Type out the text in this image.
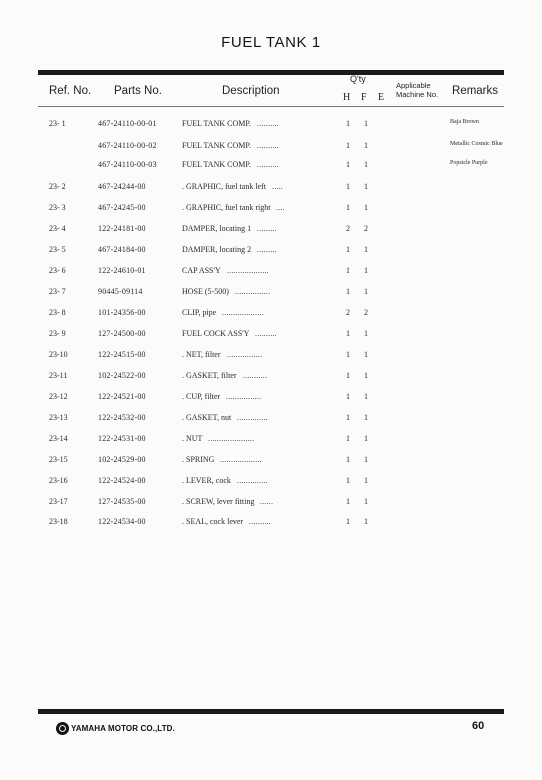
FUEL TANK 1
Ref. No. Parts No.	Description
Q'ty
H F E
Applicable
Machine No. Remarks
23- 1	467-24110-00-01	FUEL TANK COMP. ..........	1 1	Baja Brown
467-24110-00-02	FUEL TANK COMP. ..........	1 1	Metallic Cosmic Blue
467-24110-00-03	FUEL TANK COMP. ..........	1 1	Popsicle Purple
23- 2	467-24244-00	. GRAPHIC, fuel tank left .....	1 1
23- 3	467-24245-00	. GRAPHIC, fuel tank right ....	1 1
23- 4	122-24181-00	DAMPER, locating 1 .........	2 2
23- 5	467-24184-00	DAMPER, locating 2 .........	1 1
23- 6	122-24610-01	CAP ASS'Y ...................	1 1
23- 7	90445-09114	HOSE (5-500) ................	1 1
23- 8	101-24356-00	CLIP, pipe ...................	2 2
23- 9	127-24500-00	FUEL COCK ASS'Y ..........	1 1
23-10	122-24515-00	. NET, filter ................	1 1
23-11	102-24522-00	. GASKET, filter ...........	1 1
23-12	122-24521-00	. CUP, filter ................	1 1
23-13	122-24532-00	. GASKET, nut ..............	1 1
23-14	122-24531-00	. NUT .....................	1 1
23-15	102-24529-00	. SPRING ...................	1 1
23-16	122-24524-00	. LEVER, cock ..............	1 1
23-17	127-24535-00	. SCREW, lever fitting ......	1 1
23-18	122-24534-00	. SEAL, cock lever ..........	1 1
YAMAHA MOTOR CO.,LTD.	60
